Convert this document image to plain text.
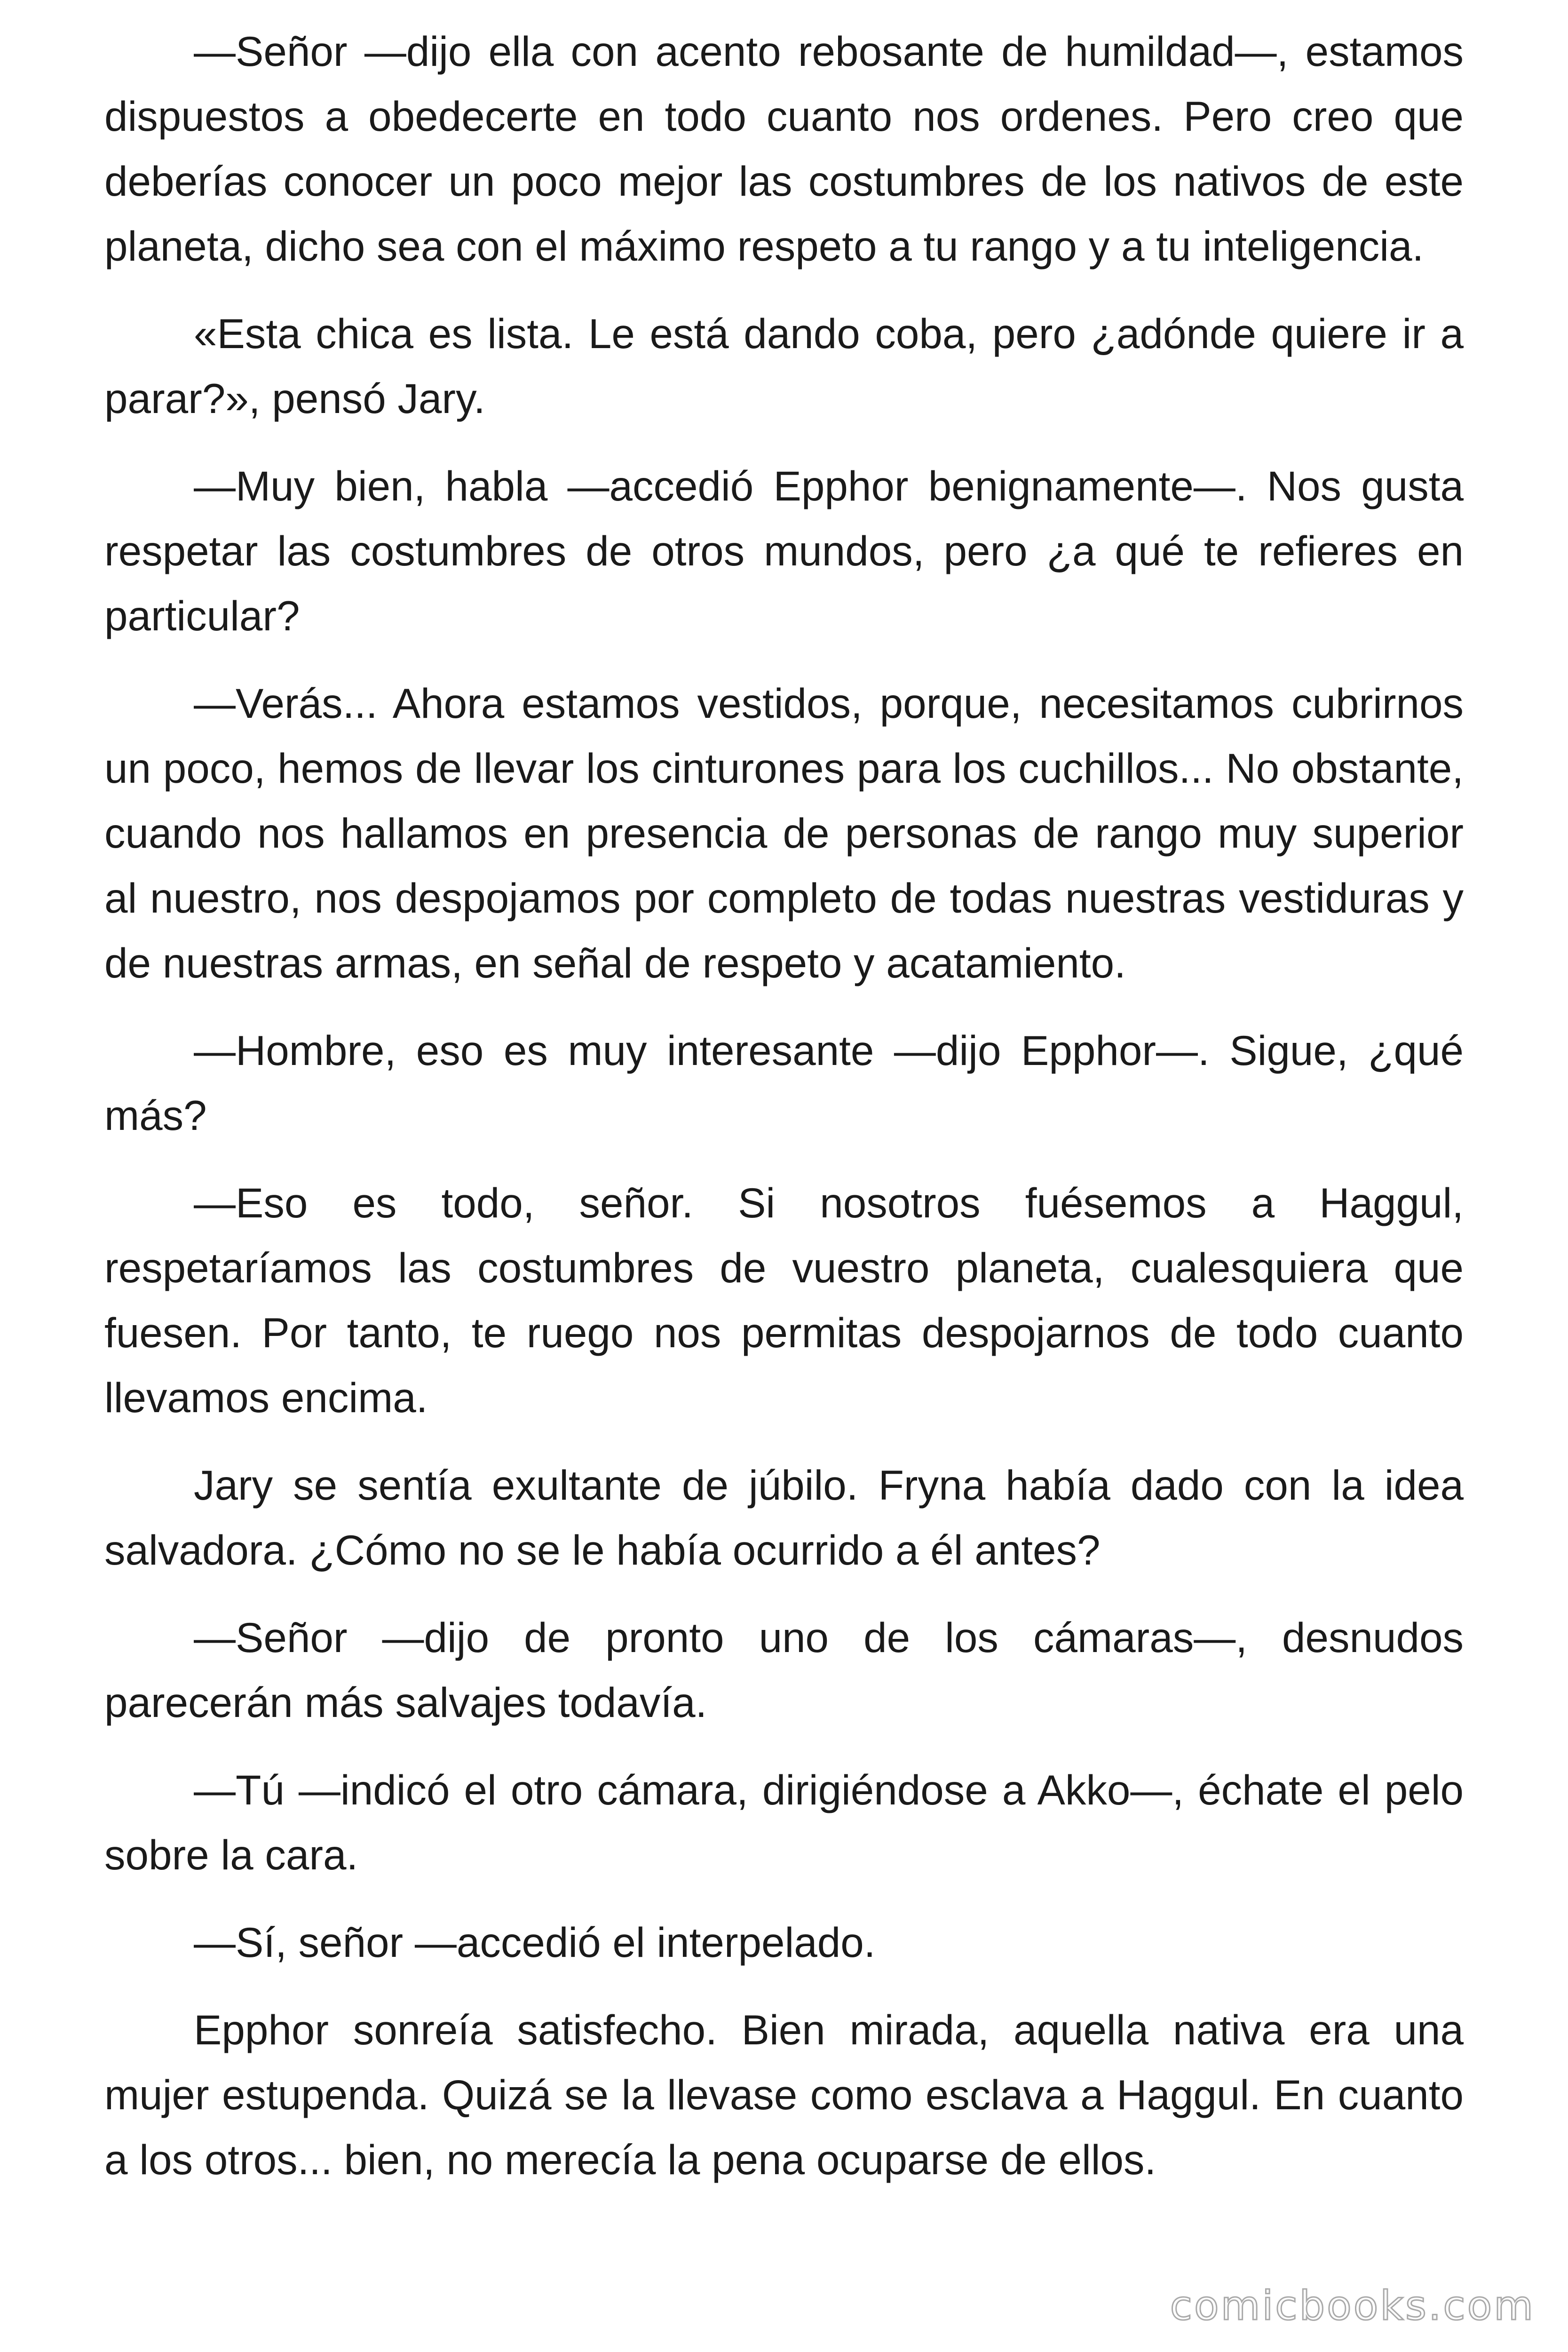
—Señor —dijo ella con acento rebosante de humildad—, estamos dispuestos a obedecerte en todo cuanto nos ordenes. Pero creo que deberías conocer un poco mejor las costumbres de los nativos de este planeta, dicho sea con el máximo respeto a tu rango y a tu inteligencia.

«Esta chica es lista. Le está dando coba, pero ¿adónde quiere ir a parar?», pensó Jary.

—Muy bien, habla —accedió Epphor benignamente—. Nos gusta respetar las costumbres de otros mundos, pero ¿a qué te refieres en particular?

—Verás... Ahora estamos vestidos, porque, necesitamos cubrirnos un poco, hemos de llevar los cinturones para los cuchillos... No obstante, cuando nos hallamos en presencia de personas de rango muy superior al nuestro, nos despojamos por completo de todas nuestras vestiduras y de nuestras armas, en señal de respeto y acatamiento.

—Hombre, eso es muy interesante —dijo Epphor—. Sigue, ¿qué más?

—Eso es todo, señor. Si nosotros fuésemos a Haggul, respetaríamos las costumbres de vuestro planeta, cualesquiera que fuesen. Por tanto, te ruego nos permitas despojarnos de todo cuanto llevamos encima.

Jary se sentía exultante de júbilo. Fryna había dado con la idea salvadora. ¿Cómo no se le había ocurrido a él antes?

—Señor —dijo de pronto uno de los cámaras—, desnudos parecerán más salvajes todavía.

—Tú —indicó el otro cámara, dirigiéndose a Akko—, échate el pelo sobre la cara.

—Sí, señor —accedió el interpelado.

Epphor sonreía satisfecho. Bien mirada, aquella nativa era una mujer estupenda. Quizá se la llevase como esclava a Haggul. En cuanto a los otros... bien, no merecía la pena ocuparse de ellos.

comicbooks.com
